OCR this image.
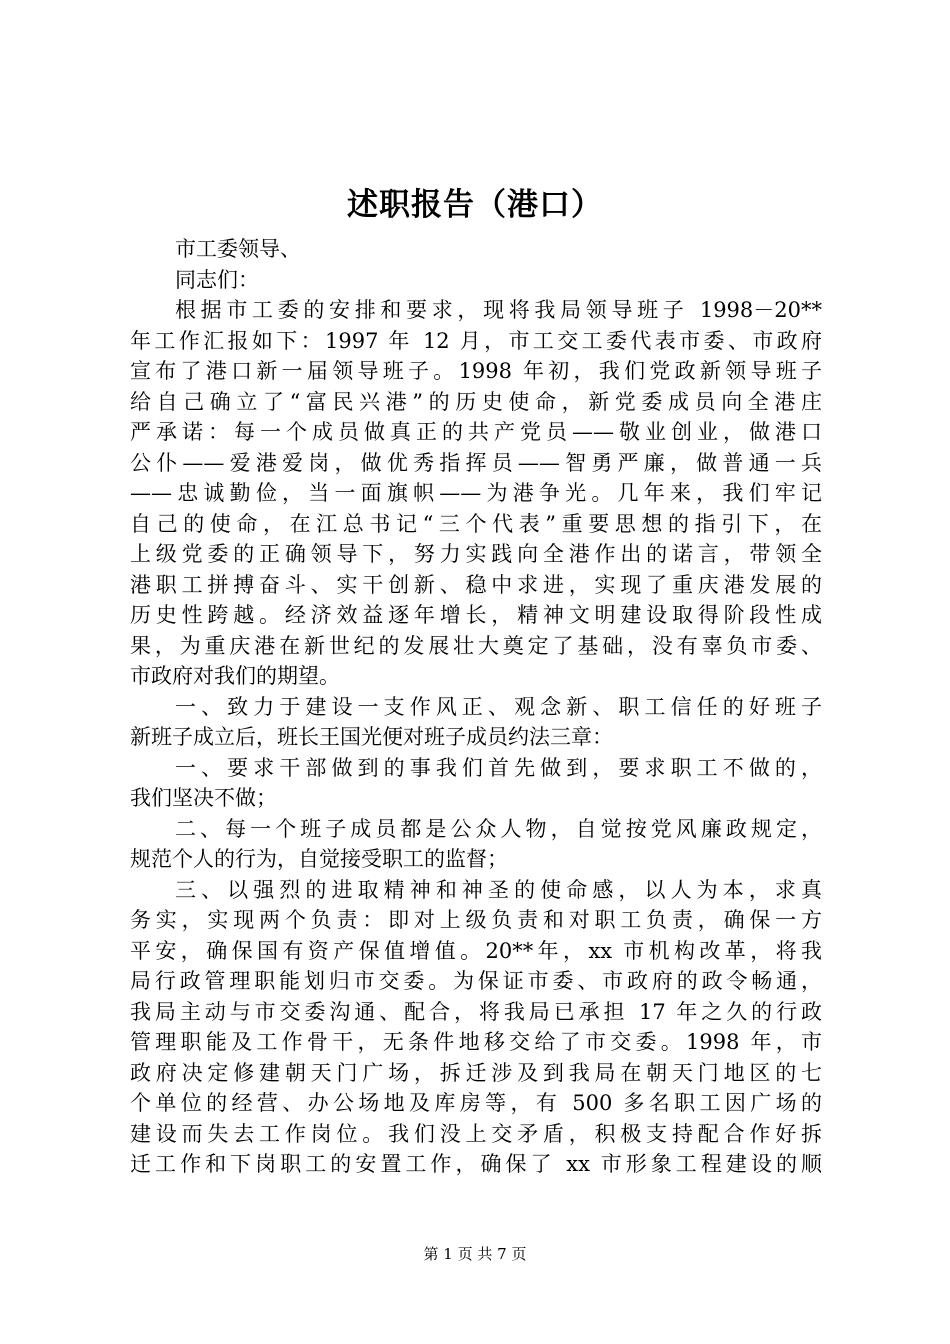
述职报告（港口）
市工委领导、
同志们：
根据市工委的安排和要求，现将我局领导班子 1998－20**
年工作汇报如下：1997 年 12 月，市工交工委代表市委、市政府
宣布了港口新一届领导班子。1998 年初，我们党政新领导班子
给自己确立了“富民兴港”的历史使命，新党委成员向全港庄
严承诺：每一个成员做真正的共产党员——敬业创业，做港口
公仆——爱港爱岗，做优秀指挥员——智勇严廉，做普通一兵
——忠诚勤俭，当一面旗帜——为港争光。几年来，我们牢记
自己的使命，在江总书记“三个代表”重要思想的指引下，在
上级党委的正确领导下，努力实践向全港作出的诺言，带领全
港职工拼搏奋斗、实干创新、稳中求进，实现了重庆港发展的
历史性跨越。经济效益逐年增长，精神文明建设取得阶段性成
果，为重庆港在新世纪的发展壮大奠定了基础，没有辜负市委、
市政府对我们的期望。
一、致力于建设一支作风正、观念新、职工信任的好班子
新班子成立后，班长王国光便对班子成员约法三章：
一、要求干部做到的事我们首先做到，要求职工不做的，
我们坚决不做；
二、每一个班子成员都是公众人物，自觉按党风廉政规定，
规范个人的行为，自觉接受职工的监督；
三、以强烈的进取精神和神圣的使命感，以人为本，求真
务实，实现两个负责：即对上级负责和对职工负责，确保一方
平安，确保国有资产保值增值。20**年，xx 市机构改革，将我
局行政管理职能划归市交委。为保证市委、市政府的政令畅通，
我局主动与市交委沟通、配合，将我局已承担 17 年之久的行政
管理职能及工作骨干，无条件地移交给了市交委。1998 年，市
政府决定修建朝天门广场，拆迁涉及到我局在朝天门地区的七
个单位的经营、办公场地及库房等，有 500 多名职工因广场的
建设而失去工作岗位。我们没上交矛盾，积极支持配合作好拆
迁工作和下岗职工的安置工作，确保了 xx 市形象工程建设的顺
第 1 页 共 7 页
